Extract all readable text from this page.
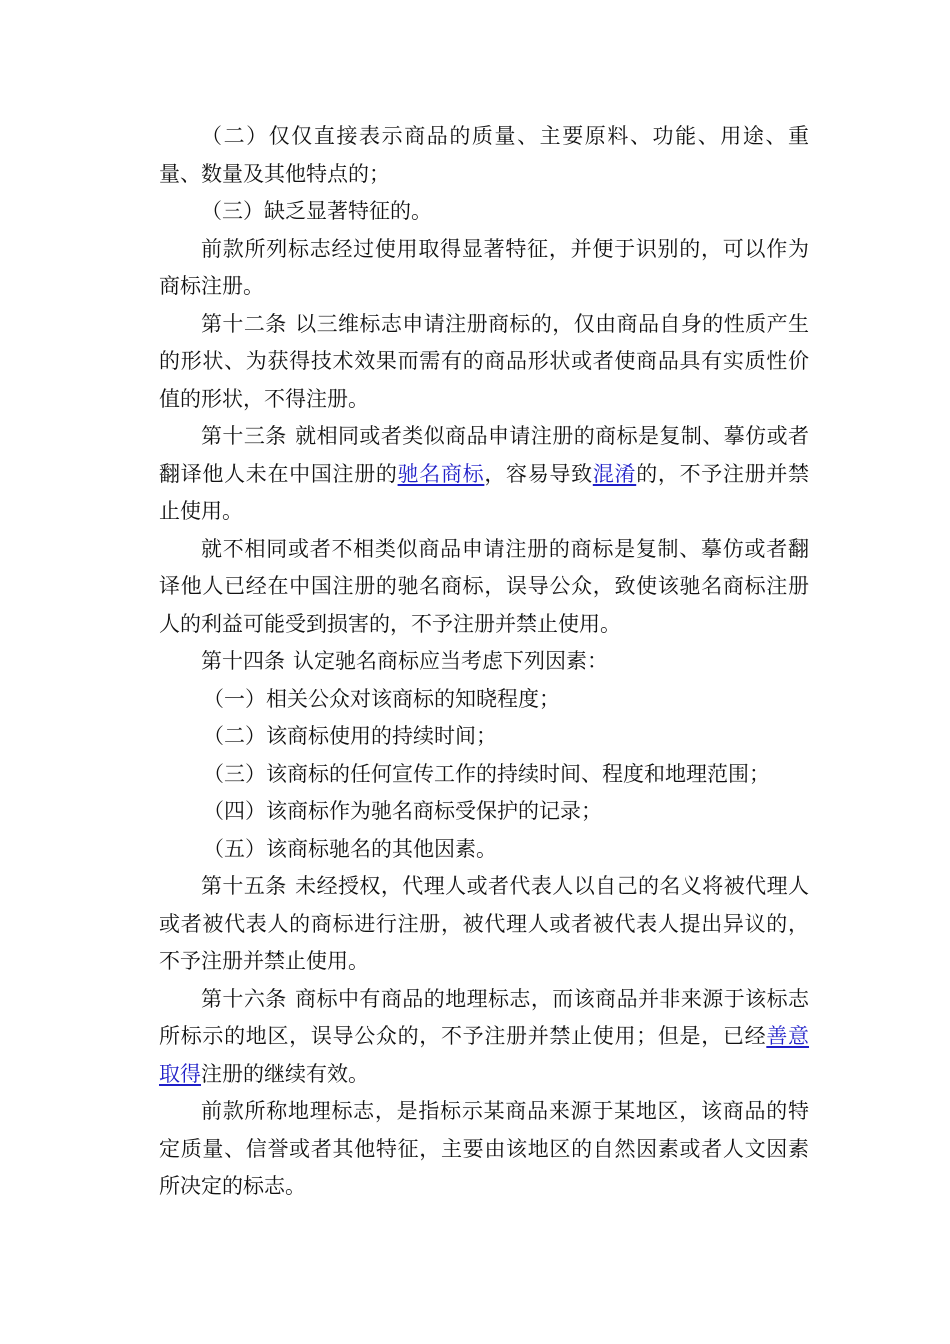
（二）仅仅直接表示商品的质量、主要原料、功能、用途、重量、数量及其他特点的；

（三）缺乏显著特征的。

前款所列标志经过使用取得显著特征，并便于识别的，可以作为商标注册。

第十二条 以三维标志申请注册商标的，仅由商品自身的性质产生的形状、为获得技术效果而需有的商品形状或者使商品具有实质性价值的形状，不得注册。

第十三条 就相同或者类似商品申请注册的商标是复制、摹仿或者翻译他人未在中国注册的驰名商标，容易导致混淆的，不予注册并禁止使用。

就不相同或者不相类似商品申请注册的商标是复制、摹仿或者翻译他人已经在中国注册的驰名商标，误导公众，致使该驰名商标注册人的利益可能受到损害的，不予注册并禁止使用。

第十四条 认定驰名商标应当考虑下列因素：

（一）相关公众对该商标的知晓程度；

（二）该商标使用的持续时间；

（三）该商标的任何宣传工作的持续时间、程度和地理范围；

（四）该商标作为驰名商标受保护的记录；

（五）该商标驰名的其他因素。

第十五条 未经授权，代理人或者代表人以自己的名义将被代理人或者被代表人的商标进行注册，被代理人或者被代表人提出异议的，不予注册并禁止使用。

第十六条 商标中有商品的地理标志，而该商品并非来源于该标志所标示的地区，误导公众的，不予注册并禁止使用；但是，已经善意取得注册的继续有效。

前款所称地理标志，是指标示某商品来源于某地区，该商品的特定质量、信誉或者其他特征，主要由该地区的自然因素或者人文因素所决定的标志。
